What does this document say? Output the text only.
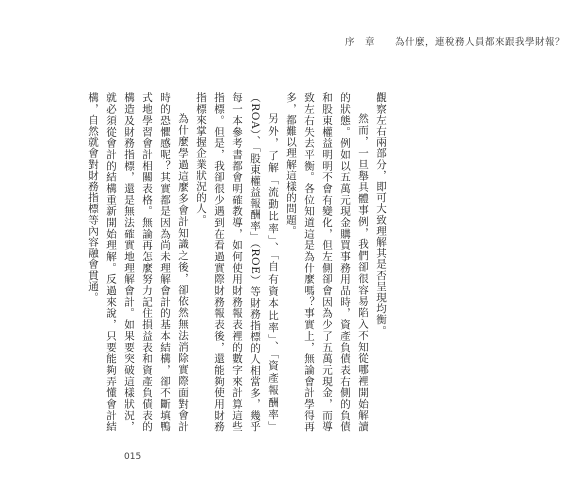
序　章　　 為什麼，連稅務人員都來跟我學財報？

觀察左右兩部分，即可大致理解其是否呈現均衡。

然而，一旦舉具體事例，我們卻很容易陷入不知從哪裡開始解讀的狀態。例如以五萬元現金購買事務用品時，資產負債表右側的負債和股東權益明明不會有變化，但左側卻會因為少了五萬元現金，而導致左右失去平衡。各位知道這是為什麼嗎？事實上，無論會計學得再多，都難以理解這樣的問題。

另外，了解「流動比率」、「自有資本比率」、「資產報酬率」（ROA）、「股東權益報酬率」（ROE）等財務指標的人相當多，幾乎每一本參考書都會明確教導，如何使用財務報表裡的數字來計算這些指標。但是，我卻很少遇到在看過實際財務報表後，還能夠使用財務指標來掌握企業狀況的人。

為什麼學過這麼多會計知識之後，卻依然無法消除實際面對會計時的恐懼感呢？其實都是因為尚未理解會計的基本結構，卻不斷填鴨式地學習會計相關表格。無論再怎麼努力記住損益表和資產負債表的構造及財務指標，還是無法確實地理解會計。如果要突破這樣狀況，就必須從會計的結構重新開始理解。反過來說，只要能夠弄懂會計結構，自然就會對財務指標等內容融會貫通。

015
